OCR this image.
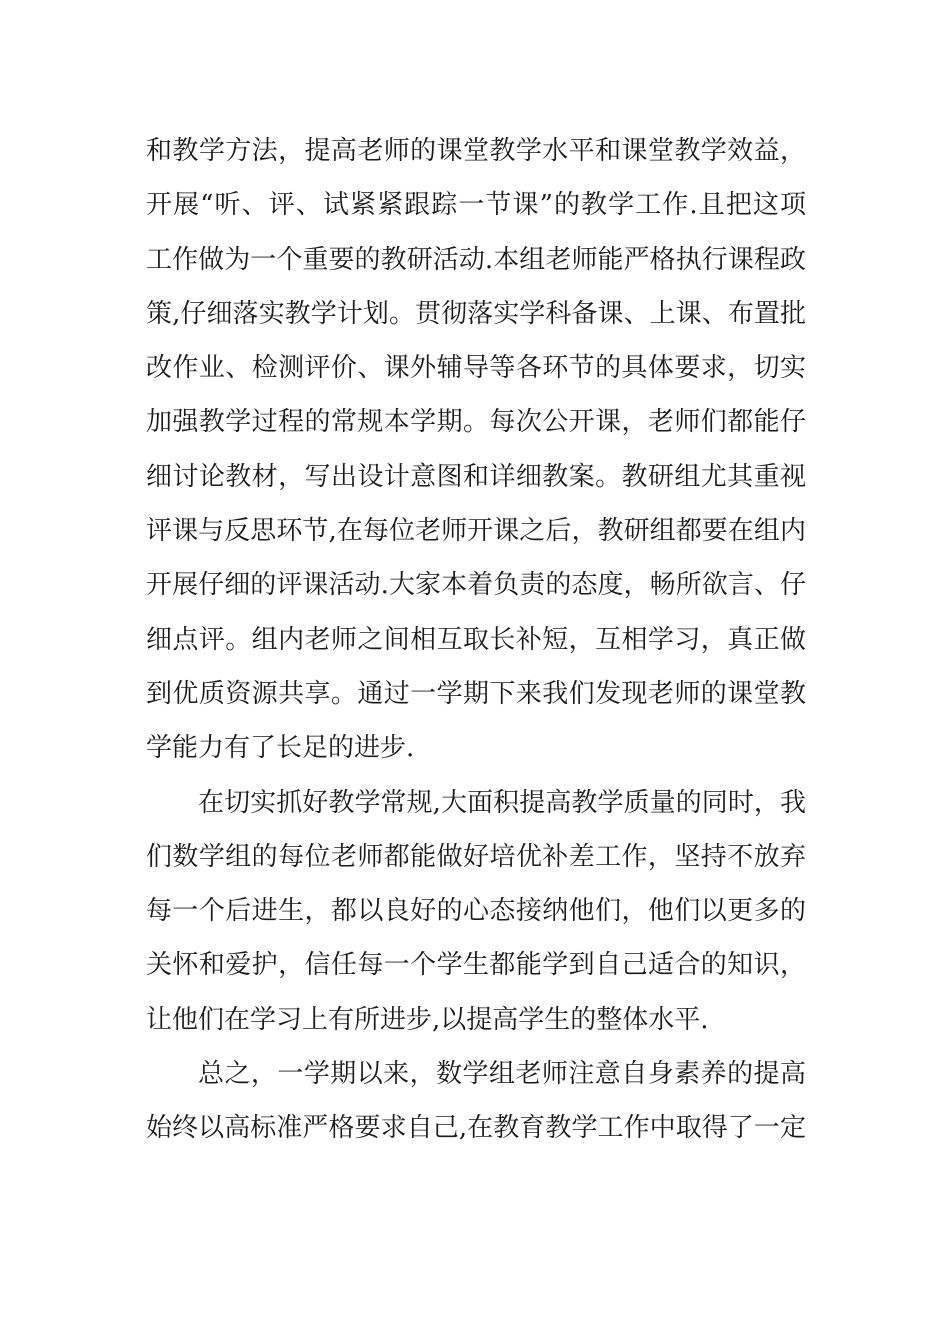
和教学方法，提高老师的课堂教学水平和课堂教学效益，
开展“听、评、试紧紧跟踪一节课”的教学工作.且把这项
工作做为一个重要的教研活动.本组老师能严格执行课程政
策,仔细落实教学计划。贯彻落实学科备课、上课、布置批
改作业、检测评价、课外辅导等各环节的具体要求，切实
加强教学过程的常规本学期。每次公开课，老师们都能仔
细讨论教材，写出设计意图和详细教案。教研组尤其重视
评课与反思环节,在每位老师开课之后，教研组都要在组内
开展仔细的评课活动.大家本着负责的态度，畅所欲言、仔
细点评。组内老师之间相互取长补短，互相学习，真正做
到优质资源共享。通过一学期下来我们发现老师的课堂教
学能力有了长足的进步.
在切实抓好教学常规,大面积提高教学质量的同时，我
们数学组的每位老师都能做好培优补差工作，坚持不放弃
每一个后进生，都以良好的心态接纳他们，他们以更多的
关怀和爱护，信任每一个学生都能学到自己适合的知识，
让他们在学习上有所进步,以提高学生的整体水平.
总之，一学期以来，数学组老师注意自身素养的提高
始终以高标准严格要求自己,在教育教学工作中取得了一定
